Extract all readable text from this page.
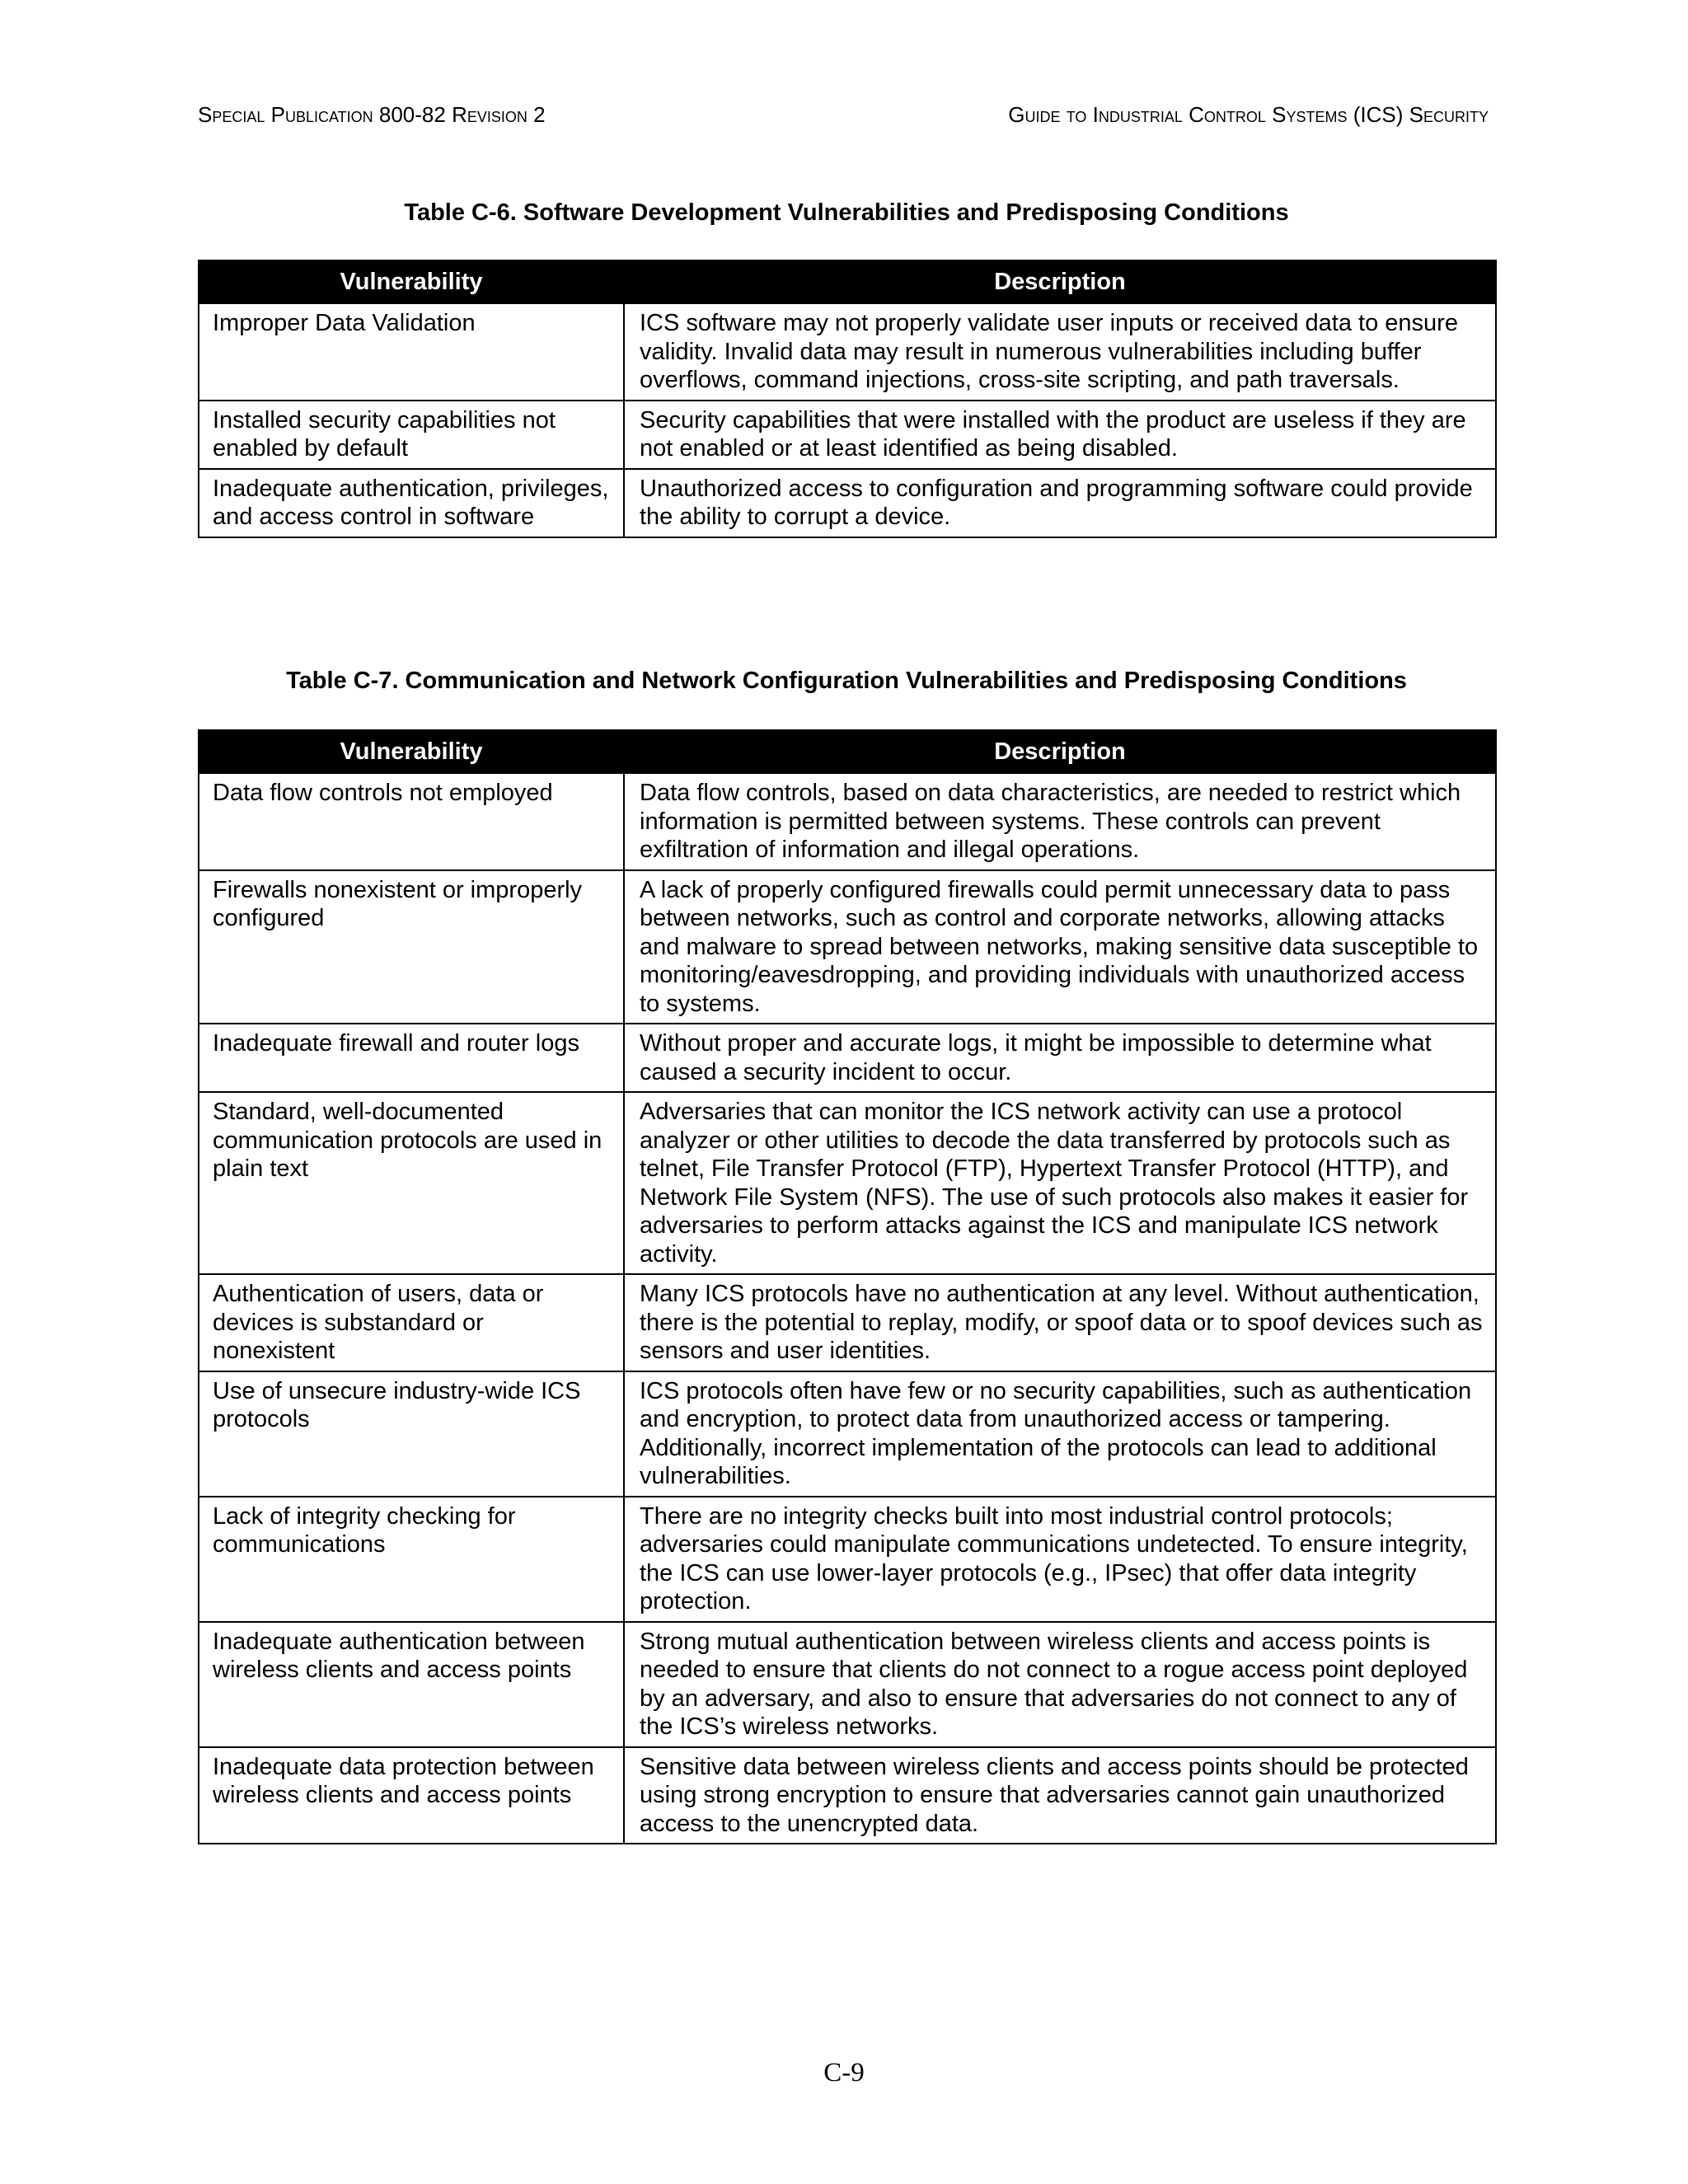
Special Publication 800-82 Revision 2	Guide to Industrial Control Systems (ICS) Security
Table C-6. Software Development Vulnerabilities and Predisposing Conditions
Vulnerability	Description
Improper Data Validation	ICS software may not properly validate user inputs or received data to ensure validity. Invalid data may result in numerous vulnerabilities including buffer overflows, command injections, cross-site scripting, and path traversals.
Installed security capabilities not enabled by default	Security capabilities that were installed with the product are useless if they are not enabled or at least identified as being disabled.
Inadequate authentication, privileges, and access control in software	Unauthorized access to configuration and programming software could provide the ability to corrupt a device.
Table C-7. Communication and Network Configuration Vulnerabilities and Predisposing Conditions
Vulnerability	Description
Data flow controls not employed	Data flow controls, based on data characteristics, are needed to restrict which information is permitted between systems. These controls can prevent exfiltration of information and illegal operations.
Firewalls nonexistent or improperly configured	A lack of properly configured firewalls could permit unnecessary data to pass between networks, such as control and corporate networks, allowing attacks and malware to spread between networks, making sensitive data susceptible to monitoring/eavesdropping, and providing individuals with unauthorized access to systems.
Inadequate firewall and router logs	Without proper and accurate logs, it might be impossible to determine what caused a security incident to occur.
Standard, well-documented communication protocols are used in plain text	Adversaries that can monitor the ICS network activity can use a protocol analyzer or other utilities to decode the data transferred by protocols such as telnet, File Transfer Protocol (FTP), Hypertext Transfer Protocol (HTTP), and Network File System (NFS). The use of such protocols also makes it easier for adversaries to perform attacks against the ICS and manipulate ICS network activity.
Authentication of users, data or devices is substandard or nonexistent	Many ICS protocols have no authentication at any level. Without authentication, there is the potential to replay, modify, or spoof data or to spoof devices such as sensors and user identities.
Use of unsecure industry-wide ICS protocols	ICS protocols often have few or no security capabilities, such as authentication and encryption, to protect data from unauthorized access or tampering. Additionally, incorrect implementation of the protocols can lead to additional vulnerabilities.
Lack of integrity checking for communications	There are no integrity checks built into most industrial control protocols; adversaries could manipulate communications undetected. To ensure integrity, the ICS can use lower-layer protocols (e.g., IPsec) that offer data integrity protection.
Inadequate authentication between wireless clients and access points	Strong mutual authentication between wireless clients and access points is needed to ensure that clients do not connect to a rogue access point deployed by an adversary, and also to ensure that adversaries do not connect to any of the ICS’s wireless networks.
Inadequate data protection between wireless clients and access points	Sensitive data between wireless clients and access points should be protected using strong encryption to ensure that adversaries cannot gain unauthorized access to the unencrypted data.
C-9
